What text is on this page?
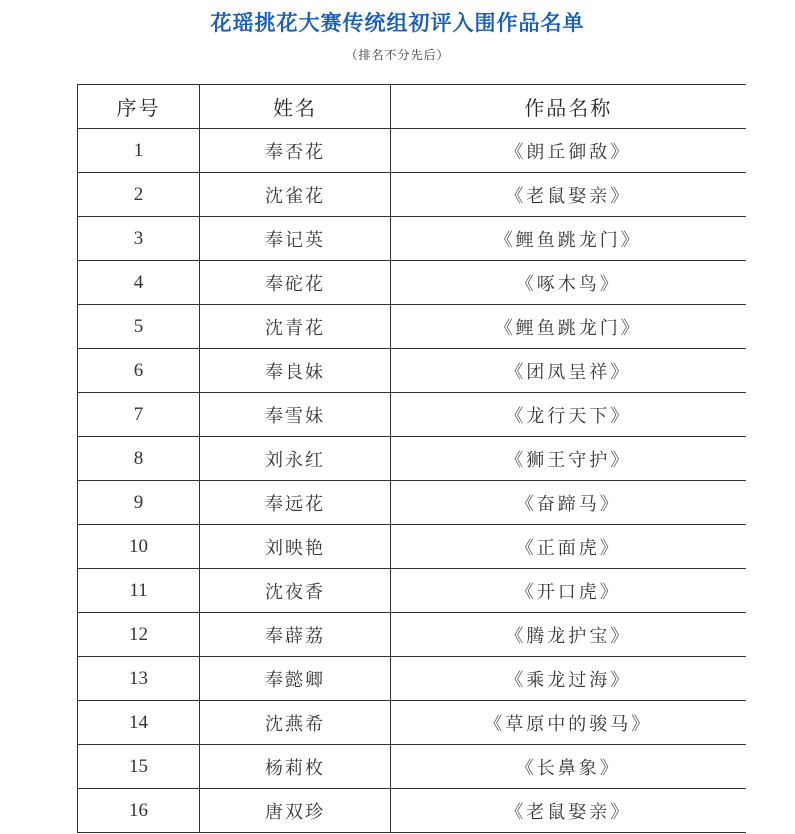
花瑶挑花大赛传统组初评入围作品名单
（排名不分先后）
序号	姓名	作品名称
1	奉否花	《朗丘御敌》
2	沈雀花	《老鼠娶亲》
3	奉记英	《鲤鱼跳龙门》
4	奉砣花	《啄木鸟》
5	沈青花	《鲤鱼跳龙门》
6	奉良妹	《团凤呈祥》
7	奉雪妹	《龙行天下》
8	刘永红	《狮王守护》
9	奉远花	《奋蹄马》
10	刘映艳	《正面虎》
11	沈夜香	《开口虎》
12	奉薜荔	《腾龙护宝》
13	奉懿卿	《乘龙过海》
14	沈燕希	《草原中的骏马》
15	杨莉枚	《长鼻象》
16	唐双珍	《老鼠娶亲》
